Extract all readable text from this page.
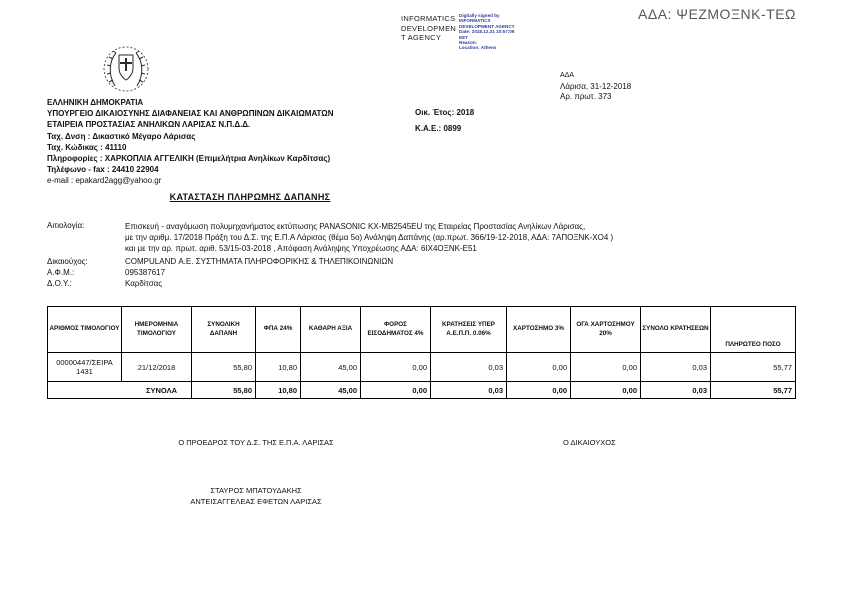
ΑΔΑ: ΨΕΖΜΟΞΝΚ-ΤΕΩ
INFORMATICS
DEVELOPMEN
T AGENCY
Digitally signed by
INFORMATICS
DEVELOPMENT AGENCY
Date: 2018.12.31 10:57:06
EET
Reason:
Location: Athens
ΑΔΑ
Λάρισα, 31-12-2018
Αρ. πρωτ. 373
ΕΛΛΗΝΙΚΗ ΔΗΜΟΚΡΑΤΙΑ
ΥΠΟΥΡΓΕΙΟ ΔΙΚΑΙΟΣΥΝΗΣ ΔΙΑΦΑΝΕΙΑΣ ΚΑΙ ΑΝΘΡΩΠΙΝΩΝ ΔΙΚΑΙΩΜΑΤΩΝ
ΕΤΑΙΡΕΙΑ ΠΡΟΣΤΑΣΙΑΣ ΑΝΗΛΙΚΩΝ ΛΑΡΙΣΑΣ Ν.Π.Δ.Δ.
Ταχ. Δνση : Δικαστικό Μέγαρο Λάρισας
Ταχ. Κώδικας : 41110
Πληροφορίες : ΧΑΡΚΟΠΛΙΑ ΑΓΓΕΛΙΚΗ (Επιμελήτρια Ανηλίκων Καρδίτσας)
Τηλέφωνο - fax : 24410 22904
e-mail : epakard2agg@yahoo.gr
Οικ. Έτος: 2018
Κ.Α.Ε.: 0899
ΚΑΤΑΣΤΑΣΗ ΠΛΗΡΩΜΗΣ ΔΑΠΑΝΗΣ
Αιτιολογία:	Επισκευή - αναγόμωση πολυμηχανήματος εκτύπωσης PANASONIC KX-MB2545EU της Εταιρείας Προστασίας Ανηλίκων Λάρισας,
με την αριθμ. 17/2018 Πράξη του Δ.Σ. της Ε.Π.Α Λάρισας (θέμα 5ο) Ανάληψη Δαπάνης (αρ.πρωτ. 366/19-12-2018, ΑΔΑ: 7ΑΠΟΞΝΚ-ΧΟ4 )
και με την αρ. πρωτ. αριθ. 53/15-03-2018 , Απόφαση Ανάληψης Υποχρέωσης ΑΔΑ: 6ΙΧ4ΟΞΝΚ-Ε51
Δικαιούχος:	COMPULAND Α.Ε. ΣΥΣΤΗΜΑΤΑ ΠΛΗΡΟΦΟΡΙΚΗΣ & ΤΗΛΕΠΙΚΟΙΝΩΝΙΩΝ
Α.Φ.Μ.:	095387617
Δ.Ο.Υ.:	Καρδίτσας
ΑΡΙΘΜΟΣ ΤΙΜΟΛΟΓΙΟΥ	ΗΜΕΡΟΜΗΝΙΑ ΤΙΜΟΛΟΓΙΟΥ	ΣΥΝΟΛΙΚΗ ΔΑΠΑΝΗ	ΦΠΑ 24%	ΚΑΘΑΡΗ ΑΞΙΑ	ΦΟΡΟΣ ΕΙΣΟΔΗΜΑΤΟΣ 4%	ΚΡΑΤΗΣΕΙΣ ΥΠΕΡ Α.Ε.Π.Π. 0.06%	ΧΑΡΤΟΣΗΜΟ 3%	ΟΓΑ ΧΑΡΤΟΣΗΜΟΥ 20%	ΣΥΝΟΛΟ ΚΡΑΤΗΣΕΩΝ	ΠΛΗΡΩΤΕΟ ΠΟΣΟ

00000447/ΣΕΙΡΑ
1431	21/12/2018	55,80	10,80	45,00	0,00	0,03	0,00	0,00	0,03	55,77
ΣΥΝΟΛΑ		55,80	10,80	45,00	0,00	0,03	0,00	0,00	0,03	55,77
Ο ΠΡΟΕΔΡΟΣ ΤΟΥ Δ.Σ. ΤΗΣ Ε.Π.Α. ΛΑΡΙΣΑΣ	Ο ΔΙΚΑΙΟΥΧΟΣ
ΣΤΑΥΡΟΣ ΜΠΑΤΟΥΔΑΚΗΣ
ΑΝΤΕΙΣΑΓΓΕΛΕΑΣ ΕΦΕΤΩΝ ΛΑΡΙΣΑΣ
